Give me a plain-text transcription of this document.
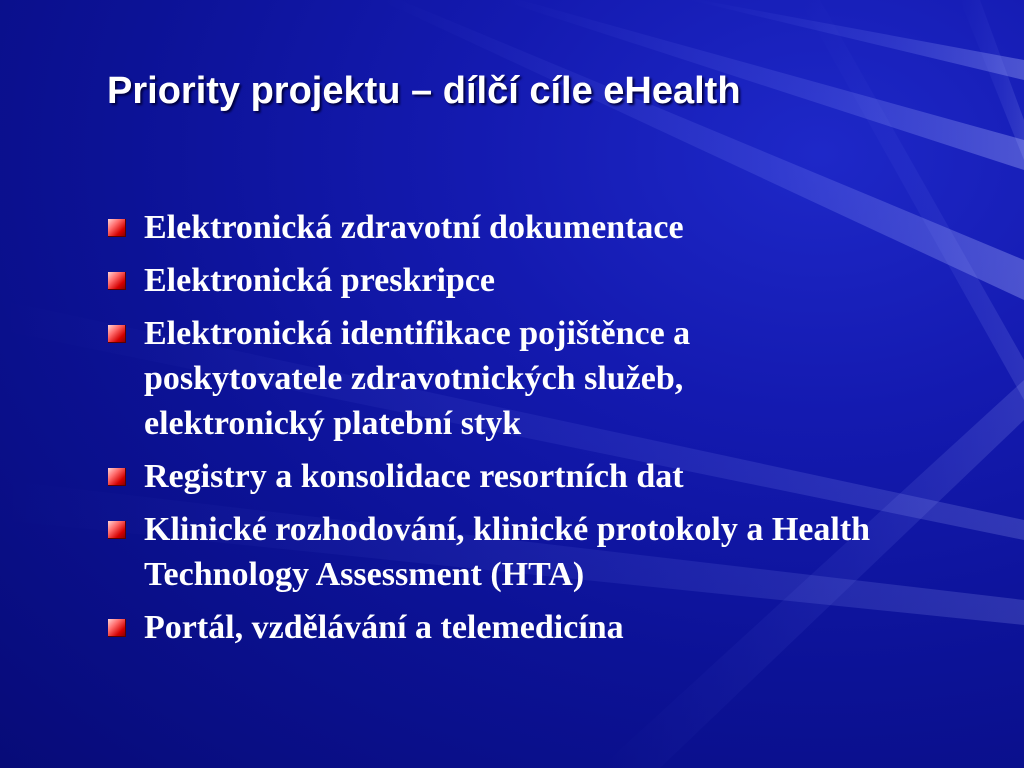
Priority projektu – dílčí cíle eHealth
Elektronická zdravotní dokumentace
Elektronická preskripce
Elektronická identifikace pojištěnce a poskytovatele zdravotnických služeb, elektronický platební styk
Registry a konsolidace resortních dat
Klinické rozhodování, klinické protokoly a Health Technology Assessment (HTA)
Portál, vzdělávání a telemedicína
